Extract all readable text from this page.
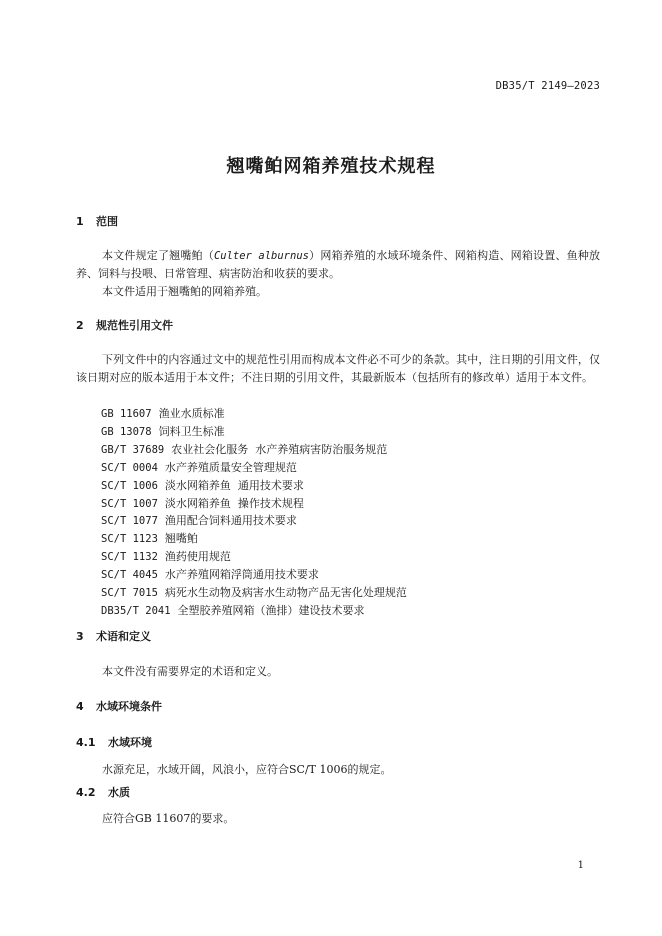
DB35/T 2149—2023
翘嘴鲌网箱养殖技术规程
1 范围
本文件规定了翘嘴鲌（Culter alburnus）网箱养殖的水域环境条件、网箱构造、网箱设置、鱼种放养、饲料与投喂、日常管理、病害防治和收获的要求。
本文件适用于翘嘴鲌的网箱养殖。
2 规范性引用文件
下列文件中的内容通过文中的规范性引用而构成本文件必不可少的条款。其中，注日期的引用文件，仅该日期对应的版本适用于本文件；不注日期的引用文件，其最新版本（包括所有的修改单）适用于本文件。
GB 11607 渔业水质标准
GB 13078 饲料卫生标准
GB/T 37689 农业社会化服务  水产养殖病害防治服务规范
SC/T 0004 水产养殖质量安全管理规范
SC/T 1006 淡水网箱养鱼  通用技术要求
SC/T 1007 淡水网箱养鱼  操作技术规程
SC/T 1077 渔用配合饲料通用技术要求
SC/T 1123 翘嘴鲌
SC/T 1132 渔药使用规范
SC/T 4045 水产养殖网箱浮筒通用技术要求
SC/T 7015 病死水生动物及病害水生动物产品无害化处理规范
DB35/T 2041 全塑胶养殖网箱（渔排）建设技术要求
3 术语和定义
本文件没有需要界定的术语和定义。
4 水域环境条件
4.1 水域环境
水源充足，水域开阔，风浪小，应符合SC/T 1006的规定。
4.2 水质
应符合GB 11607的要求。
1
